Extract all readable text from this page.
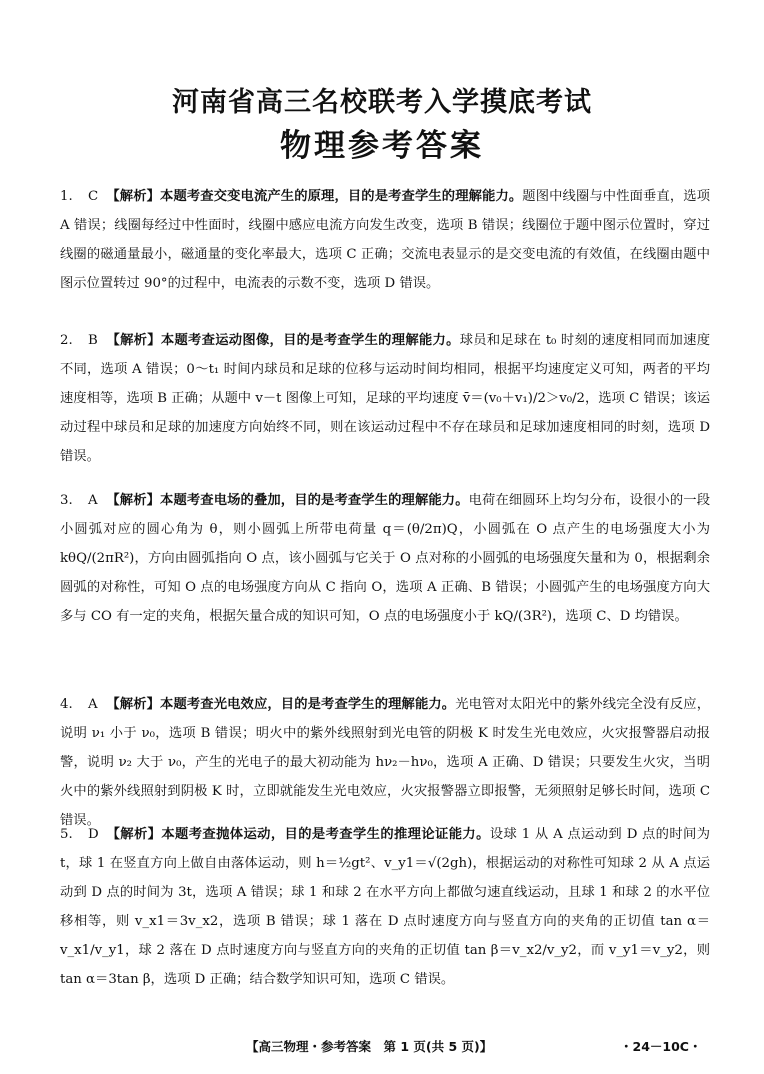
河南省高三名校联考入学摸底考试
物理参考答案

1. C 【解析】本题考查交变电流产生的原理，目的是考查学生的理解能力。题图中线圈与中性面垂直，选项 A 错误；线圈每经过中性面时，线圈中感应电流方向发生改变，选项 B 错误；线圈位于题中图示位置时，穿过线圈的磁通量最小，磁通量的变化率最大，选项 C 正确；交流电表显示的是交变电流的有效值，在线圈由题中图示位置转过 90°的过程中，电流表的示数不变，选项 D 错误。

2. B 【解析】本题考查运动图像，目的是考查学生的理解能力。球员和足球在 t₀ 时刻的速度相同而加速度不同，选项 A 错误；0～t₁ 时间内球员和足球的位移与运动时间均相同，根据平均速度定义可知，两者的平均速度相等，选项 B 正确；从题中 v－t 图像上可知，足球的平均速度 v̄＝(v₀＋v₁)/2＞v₀/2，选项 C 错误；该运动过程中球员和足球的加速度方向始终不同，则在该运动过程中不存在球员和足球加速度相同的时刻，选项 D 错误。

3. A 【解析】本题考查电场的叠加，目的是考查学生的理解能力。电荷在细圆环上均匀分布，设很小的一段小圆弧对应的圆心角为 θ，则小圆弧上所带电荷量 q＝(θ/2π)Q，小圆弧在 O 点产生的电场强度大小为 kθQ/(2πR²)，方向由圆弧指向 O 点，该小圆弧与它关于 O 点对称的小圆弧的电场强度矢量和为 0，根据剩余圆弧的对称性，可知 O 点的电场强度方向从 C 指向 O，选项 A 正确、B 错误；小圆弧产生的电场强度方向大多与 CO 有一定的夹角，根据矢量合成的知识可知，O 点的电场强度小于 kQ/(3R²)，选项 C、D 均错误。

4. A 【解析】本题考查光电效应，目的是考查学生的理解能力。光电管对太阳光中的紫外线完全没有反应，说明 ν₁ 小于 ν₀，选项 B 错误；明火中的紫外线照射到光电管的阴极 K 时发生光电效应，火灾报警器启动报警，说明 ν₂ 大于 ν₀，产生的光电子的最大初动能为 hν₂－hν₀，选项 A 正确、D 错误；只要发生火灾，当明火中的紫外线照射到阴极 K 时，立即就能发生光电效应，火灾报警器立即报警，无须照射足够长时间，选项 C 错误。

5. D 【解析】本题考查抛体运动，目的是考查学生的推理论证能力。设球 1 从 A 点运动到 D 点的时间为 t，球 1 在竖直方向上做自由落体运动，则 h＝½gt²、v_y1＝√(2gh)，根据运动的对称性可知球 2 从 A 点运动到 D 点的时间为 3t，选项 A 错误；球 1 和球 2 在水平方向上都做匀速直线运动，且球 1 和球 2 的水平位移相等，则 v_x1＝3v_x2，选项 B 错误；球 1 落在 D 点时速度方向与竖直方向的夹角的正切值 tan α＝v_x1/v_y1，球 2 落在 D 点时速度方向与竖直方向的夹角的正切值 tan β＝v_x2/v_y2，而 v_y1＝v_y2，则 tan α＝3tan β，选项 D 正确；结合数学知识可知，选项 C 错误。

【高三物理・参考答案　第 1 页(共 5 页)】	・24－10C・
